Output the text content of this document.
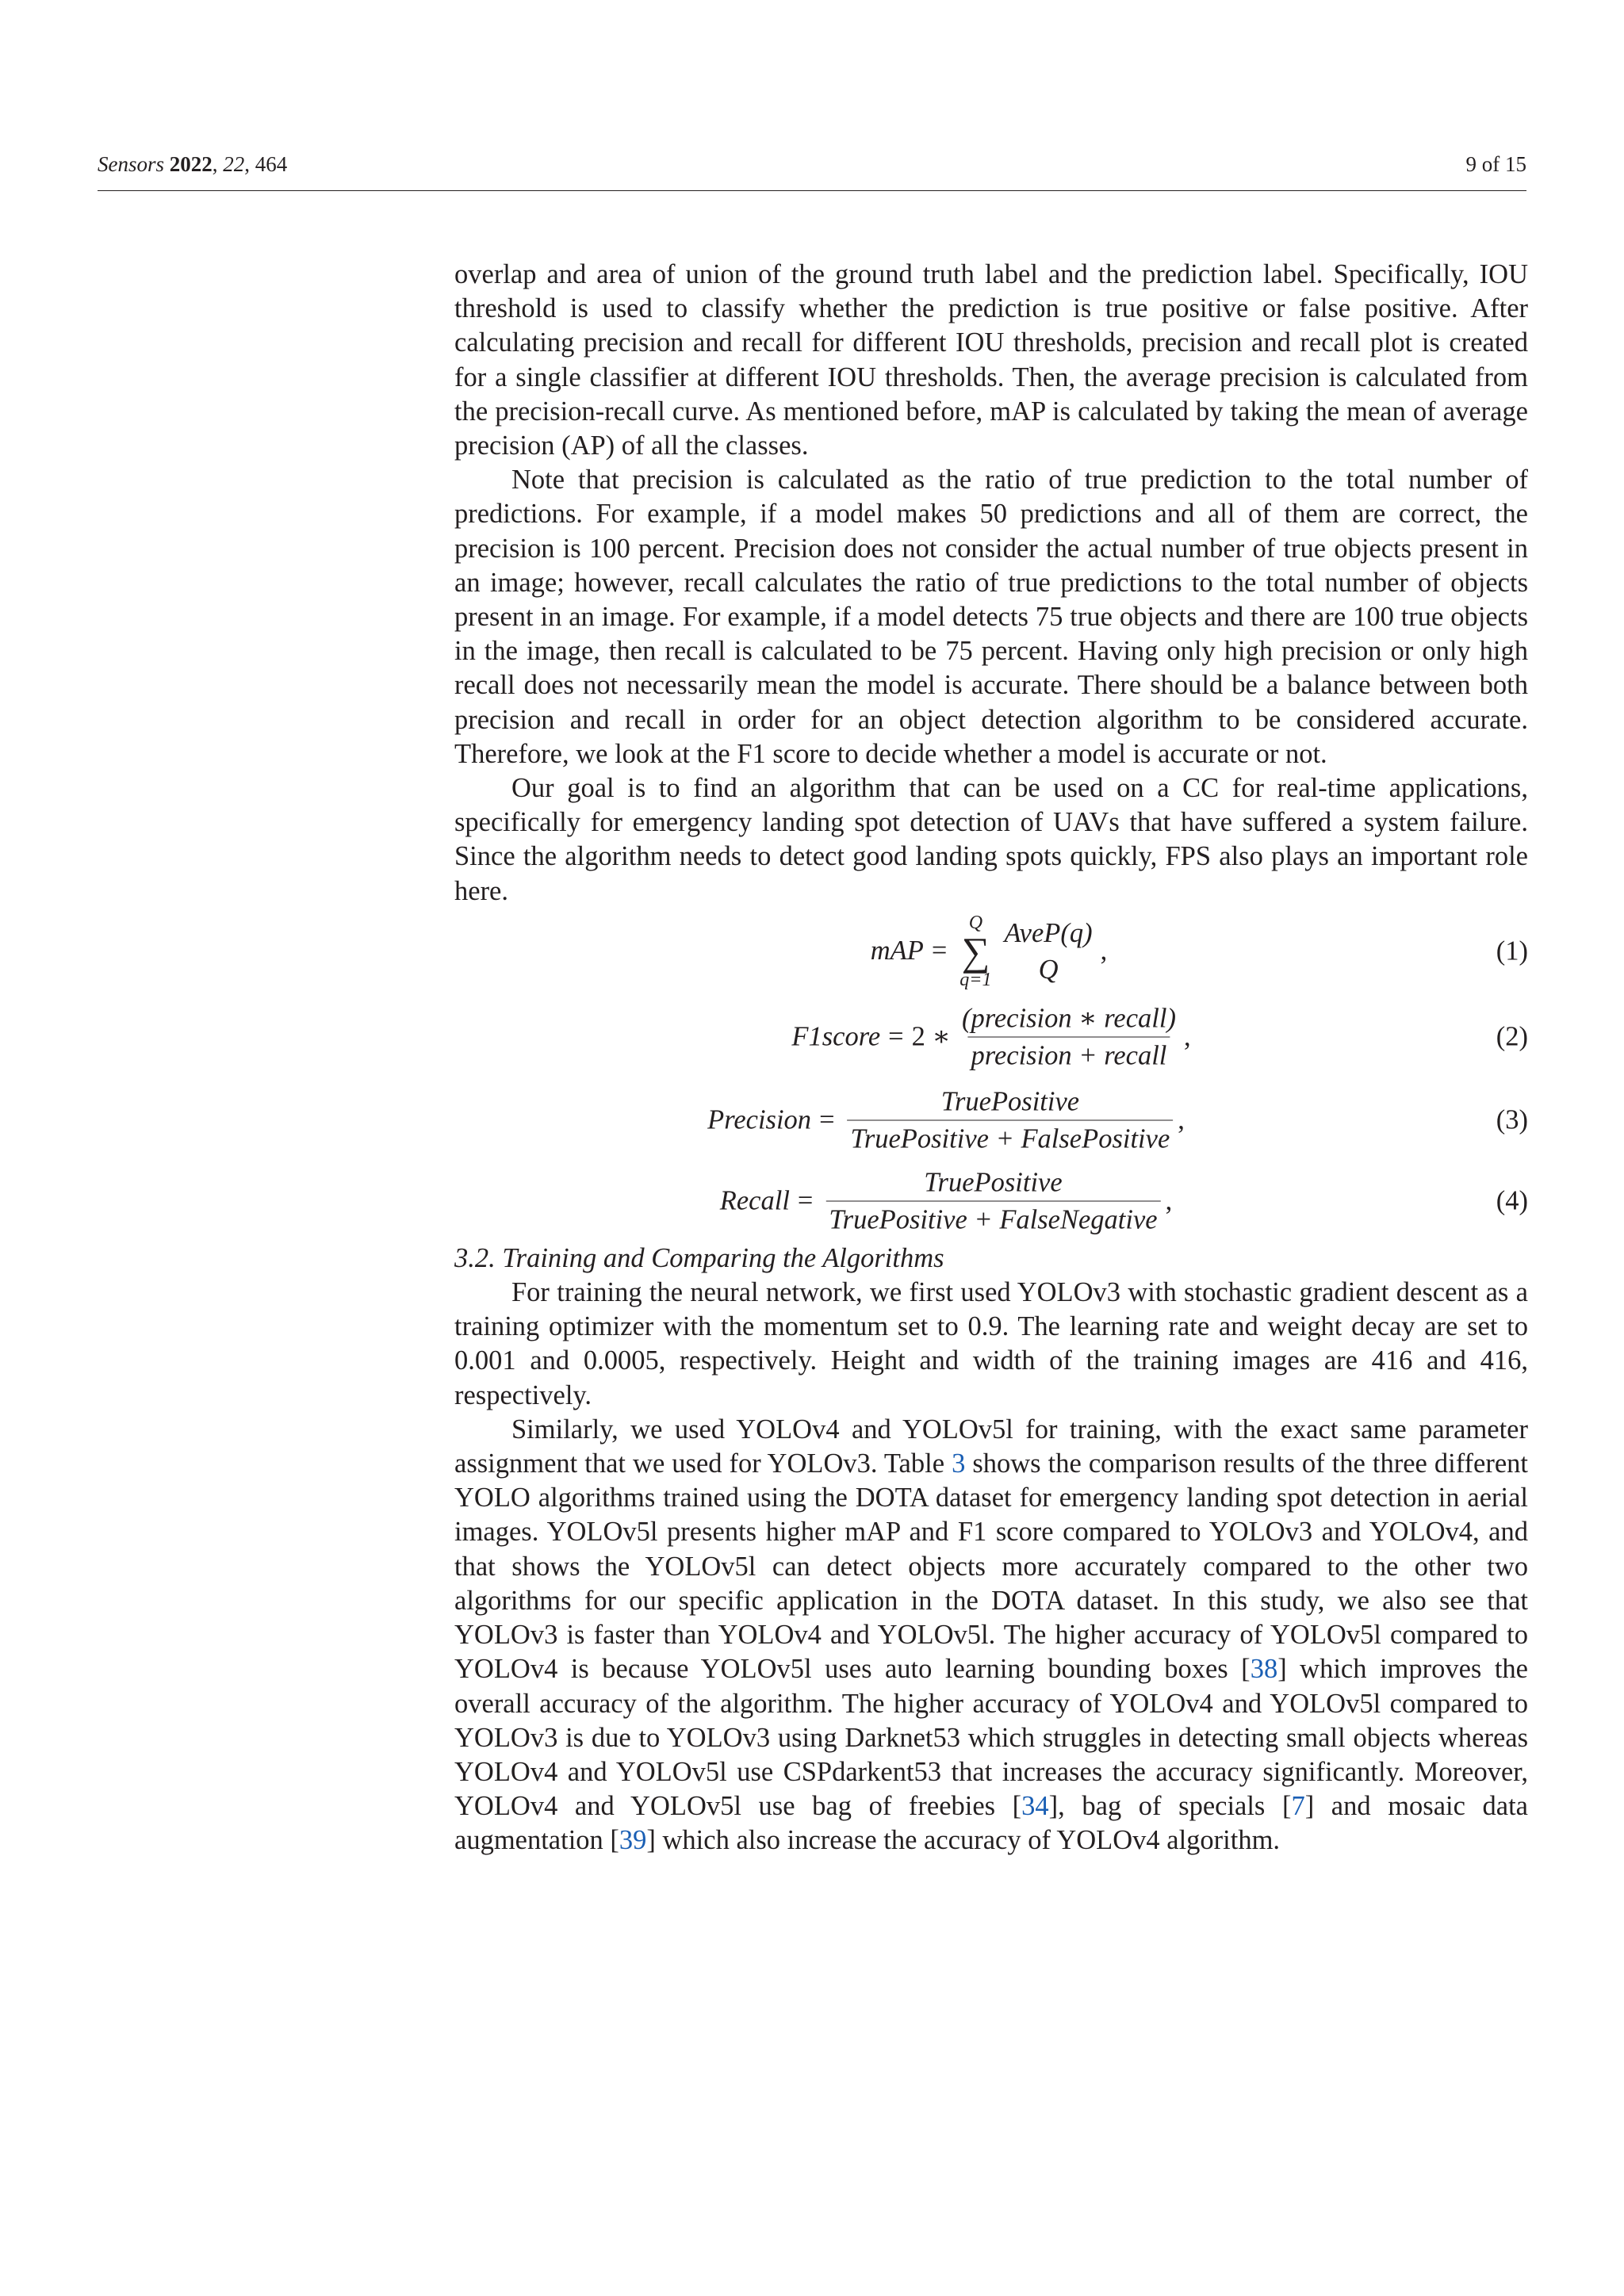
Sensors 2022, 22, 464	9 of 15

overlap and area of union of the ground truth label and the prediction label. Specifically, IOU threshold is used to classify whether the prediction is true positive or false positive. After calculating precision and recall for different IOU thresholds, precision and recall plot is created for a single classifier at different IOU thresholds. Then, the average precision is calculated from the precision-recall curve. As mentioned before, mAP is calculated by taking the mean of average precision (AP) of all the classes.

Note that precision is calculated as the ratio of true prediction to the total number of predictions. For example, if a model makes 50 predictions and all of them are correct, the precision is 100 percent. Precision does not consider the actual number of true objects present in an image; however, recall calculates the ratio of true predictions to the total number of objects present in an image. For example, if a model detects 75 true objects and there are 100 true objects in the image, then recall is calculated to be 75 percent. Having only high precision or only high recall does not necessarily mean the model is accurate. There should be a balance between both precision and recall in order for an object detection algorithm to be considered accurate. Therefore, we look at the F1 score to decide whether a model is accurate or not.

Our goal is to find an algorithm that can be used on a CC for real-time applications, specifically for emergency landing spot detection of UAVs that have suffered a system failure. Since the algorithm needs to detect good landing spots quickly, FPS also plays an important role here.

mAP =
Q
∑
q=1
AveP(q)
Q
,	(1)
F1score = 2 ∗ $\frac{\text{(precision ∗ recall)}}{\text{precision + recall}}$ ,	(2)
Precision = $\frac{\text{TruePositive}}{\text{TruePositive + FalsePositive}}$ ,	(3)
Recall = $\frac{\text{TruePositive}}{\text{TruePositive + FalseNegative}}$ ,	(4)

3.2. Training and Comparing the Algorithms

For training the neural network, we first used YOLOv3 with stochastic gradient descent as a training optimizer with the momentum set to 0.9. The learning rate and weight decay are set to 0.001 and 0.0005, respectively. Height and width of the training images are 416 and 416, respectively.

Similarly, we used YOLOv4 and YOLOv5l for training, with the exact same parameter assignment that we used for YOLOv3. Table 3 shows the comparison results of the three different YOLO algorithms trained using the DOTA dataset for emergency landing spot detection in aerial images. YOLOv5l presents higher mAP and F1 score compared to YOLOv3 and YOLOv4, and that shows the YOLOv5l can detect objects more accurately compared to the other two algorithms for our specific application in the DOTA dataset. In this study, we also see that YOLOv3 is faster than YOLOv4 and YOLOv5l. The higher accuracy of YOLOv5l compared to YOLOv4 is because YOLOv5l uses auto learning bounding boxes [38] which improves the overall accuracy of the algorithm. The higher accuracy of YOLOv4 and YOLOv5l compared to YOLOv3 is due to YOLOv3 using Darknet53 which struggles in detecting small objects whereas YOLOv4 and YOLOv5l use CSPdarkent53 that increases the accuracy significantly. Moreover, YOLOv4 and YOLOv5l use bag of freebies [34], bag of specials [7] and mosaic data augmentation [39] which also increase the accuracy of YOLOv4 algorithm.
